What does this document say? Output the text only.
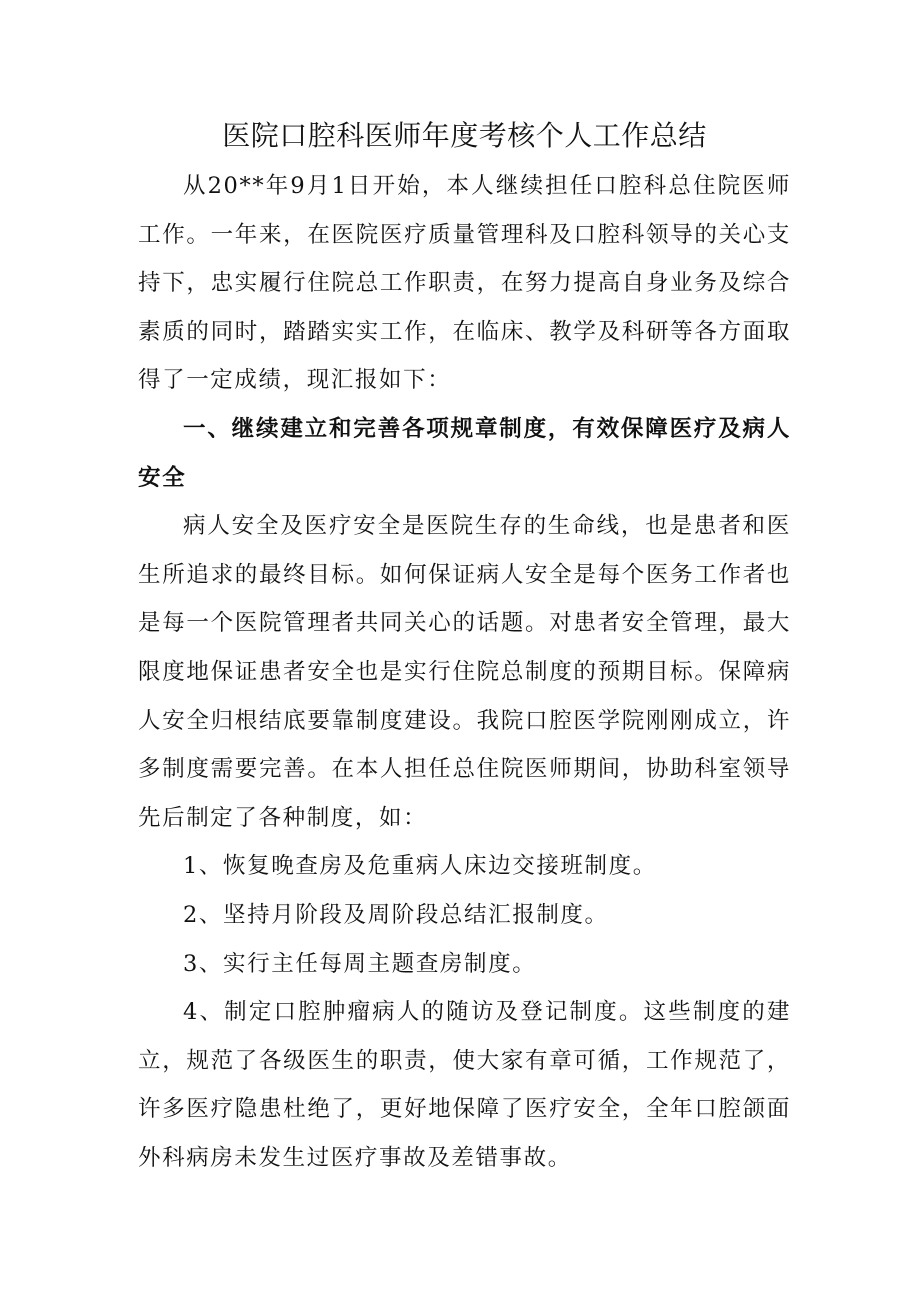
医院口腔科医师年度考核个人工作总结

从20**年9月1日开始，本人继续担任口腔科总住院医师工作。一年来，在医院医疗质量管理科及口腔科领导的关心支持下，忠实履行住院总工作职责，在努力提高自身业务及综合素质的同时，踏踏实实工作，在临床、教学及科研等各方面取得了一定成绩，现汇报如下：

一、继续建立和完善各项规章制度，有效保障医疗及病人安全

病人安全及医疗安全是医院生存的生命线，也是患者和医生所追求的最终目标。如何保证病人安全是每个医务工作者也是每一个医院管理者共同关心的话题。对患者安全管理，最大限度地保证患者安全也是实行住院总制度的预期目标。保障病人安全归根结底要靠制度建设。我院口腔医学院刚刚成立，许多制度需要完善。在本人担任总住院医师期间，协助科室领导先后制定了各种制度，如：

1、恢复晚查房及危重病人床边交接班制度。

2、坚持月阶段及周阶段总结汇报制度。

3、实行主任每周主题查房制度。

4、制定口腔肿瘤病人的随访及登记制度。这些制度的建立，规范了各级医生的职责，使大家有章可循，工作规范了，许多医疗隐患杜绝了，更好地保障了医疗安全，全年口腔颌面外科病房未发生过医疗事故及差错事故。
